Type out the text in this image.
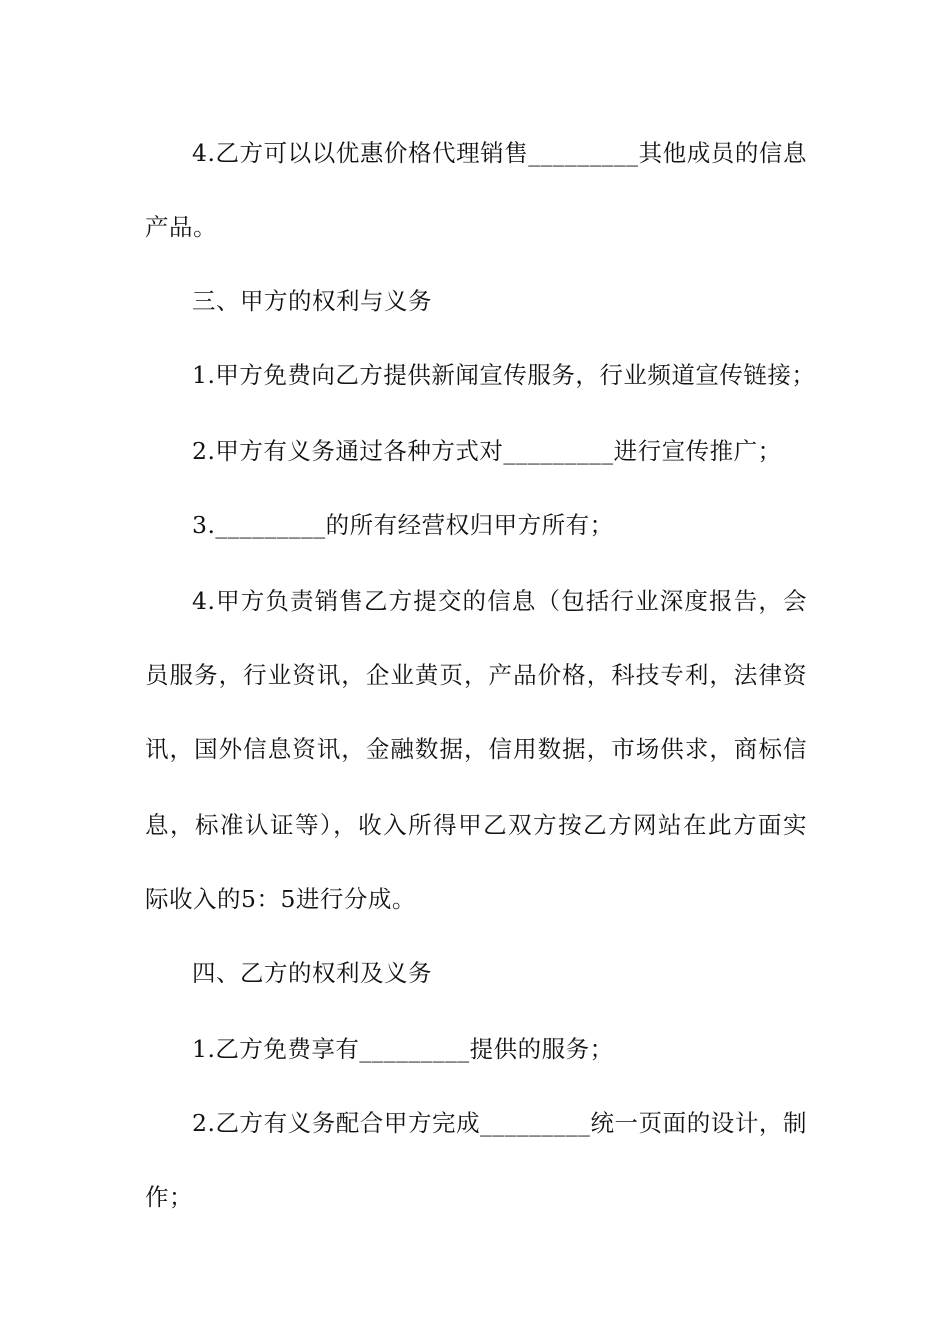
4.乙方可以以优惠价格代理销售_________其他成员的信息
产品。
三、甲方的权利与义务
1.甲方免费向乙方提供新闻宣传服务，行业频道宣传链接；
2.甲方有义务通过各种方式对_________进行宣传推广；
3._________的所有经营权归甲方所有；
4.甲方负责销售乙方提交的信息（包括行业深度报告，会
员服务，行业资讯，企业黄页，产品价格，科技专利，法律资
讯，国外信息资讯，金融数据，信用数据，市场供求，商标信
息，标准认证等），收入所得甲乙双方按乙方网站在此方面实
际收入的5：5进行分成。
四、乙方的权利及义务
1.乙方免费享有_________提供的服务；
2.乙方有义务配合甲方完成_________统一页面的设计，制
作；
